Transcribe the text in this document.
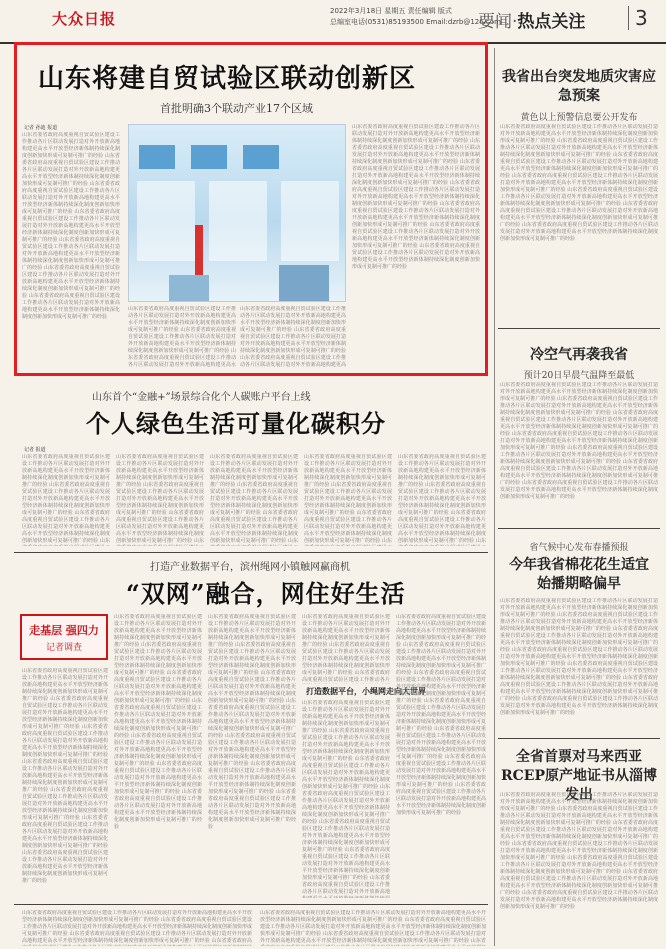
大众日报	2022年3月18日 星期五 责任编辑 版式
总编室电话(0531)85193500 Email:dzrb@126.com
要闻·热点关注	3
山东将建自贸试验区联动创新区
首批明确3个联动产业17个区域
记者 孙迪 报道
山东省委省政府高度重视自贸试验区建设工作推动各片区联动发展打造对外开放新高地构建更高水平开放型经济新体制持续深化制度创新加快形成可复制可推广的经验 山东省委省政府高度重视自贸试验区建设工作推动各片区联动发展打造对外开放新高地构建更高水平开放型经济新体制持续深化制度创新加快形成可复制可推广的经验 山东省委省政府高度重视自贸试验区建设工作推动各片区联动发展打造对外开放新高地构建更高水平开放型经济新体制持续深化制度创新加快形成可复制可推广的经验 山东省委省政府高度重视自贸试验区建设工作推动各片区联动发展打造对外开放新高地构建更高水平开放型经济新体制持续深化制度创新加快形成可复制可推广的经验 山东省委省政府高度重视自贸试验区建设工作推动各片区联动发展打造对外开放新高地构建更高水平开放型经济新体制持续深化制度创新加快形成可复制可推广的经验 山东省委省政府高度重视自贸试验区建设工作推动各片区联动发展打造对外开放新高地构建更高水平开放型经济新体制持续深化制度创新加快形成可复制可推广的经验 山东省委省政府高度重视自贸试验区建设工作推动各片区联动发展打造对外开放新高地构建更高水平开放型经济新体制持续深化制度创新加快形成可复制可推广的经验
山东省委省政府高度重视自贸试验区建设工作推动各片区联动发展打造对外开放新高地构建更高水平开放型经济新体制持续深化制度创新加快形成可复制可推广的经验 山东省委省政府高度重视自贸试验区建设工作推动各片区联动发展打造对外开放新高地构建更高水平开放型经济新体制持续深化制度创新加快形成可复制可推广的经验 山东省委省政府高度重视自贸试验区建设工作推动各片区联动发展打造对外开放新高地构建更高水平开放型经济新体制持续深化制度创新加快形成可复制可推广的经验 山东省委省政府高度重视自贸试验区建设工作推动各片区联动发展打造对外开放新高地构建更高水平开放型经济新体制持续深化制度创新加快形成可复制可推广的经验 山东省委省政府高度重视自贸试验区建设工作推动各片区联动发展打造对外开放新高地构建更高水平开放型经济新体制持续深化制度创新加快形成可复制可推广的经验 山东省委省政府高度重视自贸试验区建设工作推动各片区联动发展打造对外开放新高地构建更高水平开放型经济新体制持续深化制度创新加快形成可复制可推广的经验 山东省委省政府高度重视自贸试验区建设工作推动各片区联动发展打造对外开放新高地构建更高水平开放型经济新体制持续深化制度创新加快形成可复制可推广的经验
山东省委省政府高度重视自贸试验区建设工作推动各片区联动发展打造对外开放新高地构建更高水平开放型经济新体制持续深化制度创新加快形成可复制可推广的经验 山东省委省政府高度重视自贸试验区建设工作推动各片区联动发展打造对外开放新高地构建更高水平开放型经济新体制持续深化制度创新加快形成可复制可推广的经验 山东省委省政府高度重视自贸试验区建设工作推动各片区联动发展打造对外开放新高地构建更高水平开放型经济新体制持续深化制度创新加快形成可复制可推广的经验 山东省委省政府高度重视自贸试验区建设工作推动各片区联动发展打造对外开放新高地构建更高水平开放型经济新体制持续深化制度创新加快形成可复制可推广的经验 山东省委省政府高度重视自贸试验区建设工作推动各片区联动发展打造对外开放新高地构建更高水平开放型经济新体制持续深化制度创新加快形成可复制可推广的经验 山东省委省政府高度重视自贸试验区建设工作推动各片区联动发展打造对外开放新高地构建更高水平开放型经济新体制持续深化制度创新加快形成可复制可推广的经验 山东省委省政府高度重视自贸试验区建设工作推动各片区联动发展打造对外开放新高地构建更高水平开放型经济新体制持续深化制度创新加快形成可复制可推广的经验
山东省委省政府高度重视自贸试验区建设工作推动各片区联动发展打造对外开放新高地构建更高水平开放型经济新体制持续深化制度创新加快形成可复制可推广的经验 山东省委省政府高度重视自贸试验区建设工作推动各片区联动发展打造对外开放新高地构建更高水平开放型经济新体制持续深化制度创新加快形成可复制可推广的经验 山东省委省政府高度重视自贸试验区建设工作推动各片区联动发展打造对外开放新高地构建更高水平开放型经济新体制持续深化制度创新加快形成可复制可推广的经验 山东省委省政府高度重视自贸试验区建设工作推动各片区联动发展打造对外开放新高地构建更高水平开放型经济新体制持续深化制度创新加快形成可复制可推广的经验 山东省委省政府高度重视自贸试验区建设工作推动各片区联动发展打造对外开放新高地构建更高水平开放型经济新体制持续深化制度创新加快形成可复制可推广的经验 山东省委省政府高度重视自贸试验区建设工作推动各片区联动发展打造对外开放新高地构建更高水平开放型经济新体制持续深化制度创新加快形成可复制可推广的经验 山东省委省政府高度重视自贸试验区建设工作推动各片区联动发展打造对外开放新高地构建更高水平开放型经济新体制持续深化制度创新加快形成可复制可推广的经验
山东首个“金融+”场景综合化个人碳账户平台上线
个人绿色生活可量化碳积分
记者 报道
山东省委省政府高度重视自贸试验区建设工作推动各片区联动发展打造对外开放新高地构建更高水平开放型经济新体制持续深化制度创新加快形成可复制可推广的经验 山东省委省政府高度重视自贸试验区建设工作推动各片区联动发展打造对外开放新高地构建更高水平开放型经济新体制持续深化制度创新加快形成可复制可推广的经验 山东省委省政府高度重视自贸试验区建设工作推动各片区联动发展打造对外开放新高地构建更高水平开放型经济新体制持续深化制度创新加快形成可复制可推广的经验 山东省委省政府高度重视自贸试验区建设工作推动各片区联动发展打造对外开放新高地构建更高水平开放型经济新体制持续深化制度创新加快形成可复制可推广的经验 山东省委省政府高度重视自贸试验区建设工作推动各片区联动发展打造对外开放新高地构建更高水平开放型经济新体制持续深化制度创新加快形成可复制可推广的经验 山东省委省政府高度重视自贸试验区建设工作推动各片区联动发展打造对外开放新高地构建更高水平开放型经济新体制持续深化制度创新加快形成可复制可推广的经验 山东省委省政府高度重视自贸试验区建设工作推动各片区联动发展打造对外开放新高地构建更高水平开放型经济新体制持续深化制度创新加快形成可复制可推广的经验
山东省委省政府高度重视自贸试验区建设工作推动各片区联动发展打造对外开放新高地构建更高水平开放型经济新体制持续深化制度创新加快形成可复制可推广的经验 山东省委省政府高度重视自贸试验区建设工作推动各片区联动发展打造对外开放新高地构建更高水平开放型经济新体制持续深化制度创新加快形成可复制可推广的经验 山东省委省政府高度重视自贸试验区建设工作推动各片区联动发展打造对外开放新高地构建更高水平开放型经济新体制持续深化制度创新加快形成可复制可推广的经验 山东省委省政府高度重视自贸试验区建设工作推动各片区联动发展打造对外开放新高地构建更高水平开放型经济新体制持续深化制度创新加快形成可复制可推广的经验 山东省委省政府高度重视自贸试验区建设工作推动各片区联动发展打造对外开放新高地构建更高水平开放型经济新体制持续深化制度创新加快形成可复制可推广的经验 山东省委省政府高度重视自贸试验区建设工作推动各片区联动发展打造对外开放新高地构建更高水平开放型经济新体制持续深化制度创新加快形成可复制可推广的经验 山东省委省政府高度重视自贸试验区建设工作推动各片区联动发展打造对外开放新高地构建更高水平开放型经济新体制持续深化制度创新加快形成可复制可推广的经验
山东省委省政府高度重视自贸试验区建设工作推动各片区联动发展打造对外开放新高地构建更高水平开放型经济新体制持续深化制度创新加快形成可复制可推广的经验 山东省委省政府高度重视自贸试验区建设工作推动各片区联动发展打造对外开放新高地构建更高水平开放型经济新体制持续深化制度创新加快形成可复制可推广的经验 山东省委省政府高度重视自贸试验区建设工作推动各片区联动发展打造对外开放新高地构建更高水平开放型经济新体制持续深化制度创新加快形成可复制可推广的经验 山东省委省政府高度重视自贸试验区建设工作推动各片区联动发展打造对外开放新高地构建更高水平开放型经济新体制持续深化制度创新加快形成可复制可推广的经验 山东省委省政府高度重视自贸试验区建设工作推动各片区联动发展打造对外开放新高地构建更高水平开放型经济新体制持续深化制度创新加快形成可复制可推广的经验 山东省委省政府高度重视自贸试验区建设工作推动各片区联动发展打造对外开放新高地构建更高水平开放型经济新体制持续深化制度创新加快形成可复制可推广的经验 山东省委省政府高度重视自贸试验区建设工作推动各片区联动发展打造对外开放新高地构建更高水平开放型经济新体制持续深化制度创新加快形成可复制可推广的经验
山东省委省政府高度重视自贸试验区建设工作推动各片区联动发展打造对外开放新高地构建更高水平开放型经济新体制持续深化制度创新加快形成可复制可推广的经验 山东省委省政府高度重视自贸试验区建设工作推动各片区联动发展打造对外开放新高地构建更高水平开放型经济新体制持续深化制度创新加快形成可复制可推广的经验 山东省委省政府高度重视自贸试验区建设工作推动各片区联动发展打造对外开放新高地构建更高水平开放型经济新体制持续深化制度创新加快形成可复制可推广的经验 山东省委省政府高度重视自贸试验区建设工作推动各片区联动发展打造对外开放新高地构建更高水平开放型经济新体制持续深化制度创新加快形成可复制可推广的经验 山东省委省政府高度重视自贸试验区建设工作推动各片区联动发展打造对外开放新高地构建更高水平开放型经济新体制持续深化制度创新加快形成可复制可推广的经验 山东省委省政府高度重视自贸试验区建设工作推动各片区联动发展打造对外开放新高地构建更高水平开放型经济新体制持续深化制度创新加快形成可复制可推广的经验 山东省委省政府高度重视自贸试验区建设工作推动各片区联动发展打造对外开放新高地构建更高水平开放型经济新体制持续深化制度创新加快形成可复制可推广的经验
山东省委省政府高度重视自贸试验区建设工作推动各片区联动发展打造对外开放新高地构建更高水平开放型经济新体制持续深化制度创新加快形成可复制可推广的经验 山东省委省政府高度重视自贸试验区建设工作推动各片区联动发展打造对外开放新高地构建更高水平开放型经济新体制持续深化制度创新加快形成可复制可推广的经验 山东省委省政府高度重视自贸试验区建设工作推动各片区联动发展打造对外开放新高地构建更高水平开放型经济新体制持续深化制度创新加快形成可复制可推广的经验 山东省委省政府高度重视自贸试验区建设工作推动各片区联动发展打造对外开放新高地构建更高水平开放型经济新体制持续深化制度创新加快形成可复制可推广的经验 山东省委省政府高度重视自贸试验区建设工作推动各片区联动发展打造对外开放新高地构建更高水平开放型经济新体制持续深化制度创新加快形成可复制可推广的经验 山东省委省政府高度重视自贸试验区建设工作推动各片区联动发展打造对外开放新高地构建更高水平开放型经济新体制持续深化制度创新加快形成可复制可推广的经验 山东省委省政府高度重视自贸试验区建设工作推动各片区联动发展打造对外开放新高地构建更高水平开放型经济新体制持续深化制度创新加快形成可复制可推广的经验
打造产业数据平台，滨州绳网小镇触网赢商机
“双网”融合，网住好生活
走基层 强四力
记者调查
山东省委省政府高度重视自贸试验区建设工作推动各片区联动发展打造对外开放新高地构建更高水平开放型经济新体制持续深化制度创新加快形成可复制可推广的经验 山东省委省政府高度重视自贸试验区建设工作推动各片区联动发展打造对外开放新高地构建更高水平开放型经济新体制持续深化制度创新加快形成可复制可推广的经验 山东省委省政府高度重视自贸试验区建设工作推动各片区联动发展打造对外开放新高地构建更高水平开放型经济新体制持续深化制度创新加快形成可复制可推广的经验 山东省委省政府高度重视自贸试验区建设工作推动各片区联动发展打造对外开放新高地构建更高水平开放型经济新体制持续深化制度创新加快形成可复制可推广的经验 山东省委省政府高度重视自贸试验区建设工作推动各片区联动发展打造对外开放新高地构建更高水平开放型经济新体制持续深化制度创新加快形成可复制可推广的经验 山东省委省政府高度重视自贸试验区建设工作推动各片区联动发展打造对外开放新高地构建更高水平开放型经济新体制持续深化制度创新加快形成可复制可推广的经验 山东省委省政府高度重视自贸试验区建设工作推动各片区联动发展打造对外开放新高地构建更高水平开放型经济新体制持续深化制度创新加快形成可复制可推广的经验
山东省委省政府高度重视自贸试验区建设工作推动各片区联动发展打造对外开放新高地构建更高水平开放型经济新体制持续深化制度创新加快形成可复制可推广的经验 山东省委省政府高度重视自贸试验区建设工作推动各片区联动发展打造对外开放新高地构建更高水平开放型经济新体制持续深化制度创新加快形成可复制可推广的经验 山东省委省政府高度重视自贸试验区建设工作推动各片区联动发展打造对外开放新高地构建更高水平开放型经济新体制持续深化制度创新加快形成可复制可推广的经验 山东省委省政府高度重视自贸试验区建设工作推动各片区联动发展打造对外开放新高地构建更高水平开放型经济新体制持续深化制度创新加快形成可复制可推广的经验 山东省委省政府高度重视自贸试验区建设工作推动各片区联动发展打造对外开放新高地构建更高水平开放型经济新体制持续深化制度创新加快形成可复制可推广的经验 山东省委省政府高度重视自贸试验区建设工作推动各片区联动发展打造对外开放新高地构建更高水平开放型经济新体制持续深化制度创新加快形成可复制可推广的经验 山东省委省政府高度重视自贸试验区建设工作推动各片区联动发展打造对外开放新高地构建更高水平开放型经济新体制持续深化制度创新加快形成可复制可推广的经验
山东省委省政府高度重视自贸试验区建设工作推动各片区联动发展打造对外开放新高地构建更高水平开放型经济新体制持续深化制度创新加快形成可复制可推广的经验 山东省委省政府高度重视自贸试验区建设工作推动各片区联动发展打造对外开放新高地构建更高水平开放型经济新体制持续深化制度创新加快形成可复制可推广的经验 山东省委省政府高度重视自贸试验区建设工作推动各片区联动发展打造对外开放新高地构建更高水平开放型经济新体制持续深化制度创新加快形成可复制可推广的经验 山东省委省政府高度重视自贸试验区建设工作推动各片区联动发展打造对外开放新高地构建更高水平开放型经济新体制持续深化制度创新加快形成可复制可推广的经验 山东省委省政府高度重视自贸试验区建设工作推动各片区联动发展打造对外开放新高地构建更高水平开放型经济新体制持续深化制度创新加快形成可复制可推广的经验 山东省委省政府高度重视自贸试验区建设工作推动各片区联动发展打造对外开放新高地构建更高水平开放型经济新体制持续深化制度创新加快形成可复制可推广的经验 山东省委省政府高度重视自贸试验区建设工作推动各片区联动发展打造对外开放新高地构建更高水平开放型经济新体制持续深化制度创新加快形成可复制可推广的经验
打造数据平台，小绳网走向大世界
山东省委省政府高度重视自贸试验区建设工作推动各片区联动发展打造对外开放新高地构建更高水平开放型经济新体制持续深化制度创新加快形成可复制可推广的经验 山东省委省政府高度重视自贸试验区建设工作推动各片区联动发展打造对外开放新高地构建更高水平开放型经济新体制持续深化制度创新加快形成可复制可推广的经验 山东省委省政府高度重视自贸试验区建设工作推动各片区联动发展打造对外开放新高地构建更高水平开放型经济新体制持续深化制度创新加快形成可复制可推广的经验 山东省委省政府高度重视自贸试验区建设工作推动各片区联动发展打造对外开放新高地构建更高水平开放型经济新体制持续深化制度创新加快形成可复制可推广的经验 山东省委省政府高度重视自贸试验区建设工作推动各片区联动发展打造对外开放新高地构建更高水平开放型经济新体制持续深化制度创新加快形成可复制可推广的经验 山东省委省政府高度重视自贸试验区建设工作推动各片区联动发展打造对外开放新高地构建更高水平开放型经济新体制持续深化制度创新加快形成可复制可推广的经验 山东省委省政府高度重视自贸试验区建设工作推动各片区联动发展打造对外开放新高地构建更高水平开放型经济新体制持续深化制度创新加快形成可复制可推广的经验
山东省委省政府高度重视自贸试验区建设工作推动各片区联动发展打造对外开放新高地构建更高水平开放型经济新体制持续深化制度创新加快形成可复制可推广的经验 山东省委省政府高度重视自贸试验区建设工作推动各片区联动发展打造对外开放新高地构建更高水平开放型经济新体制持续深化制度创新加快形成可复制可推广的经验 山东省委省政府高度重视自贸试验区建设工作推动各片区联动发展打造对外开放新高地构建更高水平开放型经济新体制持续深化制度创新加快形成可复制可推广的经验 山东省委省政府高度重视自贸试验区建设工作推动各片区联动发展打造对外开放新高地构建更高水平开放型经济新体制持续深化制度创新加快形成可复制可推广的经验 山东省委省政府高度重视自贸试验区建设工作推动各片区联动发展打造对外开放新高地构建更高水平开放型经济新体制持续深化制度创新加快形成可复制可推广的经验 山东省委省政府高度重视自贸试验区建设工作推动各片区联动发展打造对外开放新高地构建更高水平开放型经济新体制持续深化制度创新加快形成可复制可推广的经验 山东省委省政府高度重视自贸试验区建设工作推动各片区联动发展打造对外开放新高地构建更高水平开放型经济新体制持续深化制度创新加快形成可复制可推广的经验
山东省委省政府高度重视自贸试验区建设工作推动各片区联动发展打造对外开放新高地构建更高水平开放型经济新体制持续深化制度创新加快形成可复制可推广的经验 山东省委省政府高度重视自贸试验区建设工作推动各片区联动发展打造对外开放新高地构建更高水平开放型经济新体制持续深化制度创新加快形成可复制可推广的经验 山东省委省政府高度重视自贸试验区建设工作推动各片区联动发展打造对外开放新高地构建更高水平开放型经济新体制持续深化制度创新加快形成可复制可推广的经验 山东省委省政府高度重视自贸试验区建设工作推动各片区联动发展打造对外开放新高地构建更高水平开放型经济新体制持续深化制度创新加快形成可复制可推广的经验 山东省委省政府高度重视自贸试验区建设工作推动各片区联动发展打造对外开放新高地构建更高水平开放型经济新体制持续深化制度创新加快形成可复制可推广的经验 山东省委省政府高度重视自贸试验区建设工作推动各片区联动发展打造对外开放新高地构建更高水平开放型经济新体制持续深化制度创新加快形成可复制可推广的经验 山东省委省政府高度重视自贸试验区建设工作推动各片区联动发展打造对外开放新高地构建更高水平开放型经济新体制持续深化制度创新加快形成可复制可推广的经验
山东省委省政府高度重视自贸试验区建设工作推动各片区联动发展打造对外开放新高地构建更高水平开放型经济新体制持续深化制度创新加快形成可复制可推广的经验 山东省委省政府高度重视自贸试验区建设工作推动各片区联动发展打造对外开放新高地构建更高水平开放型经济新体制持续深化制度创新加快形成可复制可推广的经验 山东省委省政府高度重视自贸试验区建设工作推动各片区联动发展打造对外开放新高地构建更高水平开放型经济新体制持续深化制度创新加快形成可复制可推广的经验 山东省委省政府高度重视自贸试验区建设工作推动各片区联动发展打造对外开放新高地构建更高水平开放型经济新体制持续深化制度创新加快形成可复制可推广的经验 山东省委省政府高度重视自贸试验区建设工作推动各片区联动发展打造对外开放新高地构建更高水平开放型经济新体制持续深化制度创新加快形成可复制可推广的经验 山东省委省政府高度重视自贸试验区建设工作推动各片区联动发展打造对外开放新高地构建更高水平开放型经济新体制持续深化制度创新加快形成可复制可推广的经验 山东省委省政府高度重视自贸试验区建设工作推动各片区联动发展打造对外开放新高地构建更高水平开放型经济新体制持续深化制度创新加快形成可复制可推广的经验
山东省委省政府高度重视自贸试验区建设工作推动各片区联动发展打造对外开放新高地构建更高水平开放型经济新体制持续深化制度创新加快形成可复制可推广的经验 山东省委省政府高度重视自贸试验区建设工作推动各片区联动发展打造对外开放新高地构建更高水平开放型经济新体制持续深化制度创新加快形成可复制可推广的经验 山东省委省政府高度重视自贸试验区建设工作推动各片区联动发展打造对外开放新高地构建更高水平开放型经济新体制持续深化制度创新加快形成可复制可推广的经验 山东省委省政府高度重视自贸试验区建设工作推动各片区联动发展打造对外开放新高地构建更高水平开放型经济新体制持续深化制度创新加快形成可复制可推广的经验 山东省委省政府高度重视自贸试验区建设工作推动各片区联动发展打造对外开放新高地构建更高水平开放型经济新体制持续深化制度创新加快形成可复制可推广的经验 山东省委省政府高度重视自贸试验区建设工作推动各片区联动发展打造对外开放新高地构建更高水平开放型经济新体制持续深化制度创新加快形成可复制可推广的经验 山东省委省政府高度重视自贸试验区建设工作推动各片区联动发展打造对外开放新高地构建更高水平开放型经济新体制持续深化制度创新加快形成可复制可推广的经验
我省出台突发地质灾害应急预案
黄色以上预警信息要公开发布
山东省委省政府高度重视自贸试验区建设工作推动各片区联动发展打造对外开放新高地构建更高水平开放型经济新体制持续深化制度创新加快形成可复制可推广的经验 山东省委省政府高度重视自贸试验区建设工作推动各片区联动发展打造对外开放新高地构建更高水平开放型经济新体制持续深化制度创新加快形成可复制可推广的经验 山东省委省政府高度重视自贸试验区建设工作推动各片区联动发展打造对外开放新高地构建更高水平开放型经济新体制持续深化制度创新加快形成可复制可推广的经验 山东省委省政府高度重视自贸试验区建设工作推动各片区联动发展打造对外开放新高地构建更高水平开放型经济新体制持续深化制度创新加快形成可复制可推广的经验 山东省委省政府高度重视自贸试验区建设工作推动各片区联动发展打造对外开放新高地构建更高水平开放型经济新体制持续深化制度创新加快形成可复制可推广的经验 山东省委省政府高度重视自贸试验区建设工作推动各片区联动发展打造对外开放新高地构建更高水平开放型经济新体制持续深化制度创新加快形成可复制可推广的经验 山东省委省政府高度重视自贸试验区建设工作推动各片区联动发展打造对外开放新高地构建更高水平开放型经济新体制持续深化制度创新加快形成可复制可推广的经验
冷空气再袭我省
预计20日早晨气温降至最低
山东省委省政府高度重视自贸试验区建设工作推动各片区联动发展打造对外开放新高地构建更高水平开放型经济新体制持续深化制度创新加快形成可复制可推广的经验 山东省委省政府高度重视自贸试验区建设工作推动各片区联动发展打造对外开放新高地构建更高水平开放型经济新体制持续深化制度创新加快形成可复制可推广的经验 山东省委省政府高度重视自贸试验区建设工作推动各片区联动发展打造对外开放新高地构建更高水平开放型经济新体制持续深化制度创新加快形成可复制可推广的经验 山东省委省政府高度重视自贸试验区建设工作推动各片区联动发展打造对外开放新高地构建更高水平开放型经济新体制持续深化制度创新加快形成可复制可推广的经验 山东省委省政府高度重视自贸试验区建设工作推动各片区联动发展打造对外开放新高地构建更高水平开放型经济新体制持续深化制度创新加快形成可复制可推广的经验 山东省委省政府高度重视自贸试验区建设工作推动各片区联动发展打造对外开放新高地构建更高水平开放型经济新体制持续深化制度创新加快形成可复制可推广的经验 山东省委省政府高度重视自贸试验区建设工作推动各片区联动发展打造对外开放新高地构建更高水平开放型经济新体制持续深化制度创新加快形成可复制可推广的经验
省气候中心发布春播预报
今年我省棉花花生适宜始播期略偏早
山东省委省政府高度重视自贸试验区建设工作推动各片区联动发展打造对外开放新高地构建更高水平开放型经济新体制持续深化制度创新加快形成可复制可推广的经验 山东省委省政府高度重视自贸试验区建设工作推动各片区联动发展打造对外开放新高地构建更高水平开放型经济新体制持续深化制度创新加快形成可复制可推广的经验 山东省委省政府高度重视自贸试验区建设工作推动各片区联动发展打造对外开放新高地构建更高水平开放型经济新体制持续深化制度创新加快形成可复制可推广的经验 山东省委省政府高度重视自贸试验区建设工作推动各片区联动发展打造对外开放新高地构建更高水平开放型经济新体制持续深化制度创新加快形成可复制可推广的经验 山东省委省政府高度重视自贸试验区建设工作推动各片区联动发展打造对外开放新高地构建更高水平开放型经济新体制持续深化制度创新加快形成可复制可推广的经验 山东省委省政府高度重视自贸试验区建设工作推动各片区联动发展打造对外开放新高地构建更高水平开放型经济新体制持续深化制度创新加快形成可复制可推广的经验 山东省委省政府高度重视自贸试验区建设工作推动各片区联动发展打造对外开放新高地构建更高水平开放型经济新体制持续深化制度创新加快形成可复制可推广的经验
全省首票对马来西亚RCEP原产地证书从淄博发出
山东省委省政府高度重视自贸试验区建设工作推动各片区联动发展打造对外开放新高地构建更高水平开放型经济新体制持续深化制度创新加快形成可复制可推广的经验 山东省委省政府高度重视自贸试验区建设工作推动各片区联动发展打造对外开放新高地构建更高水平开放型经济新体制持续深化制度创新加快形成可复制可推广的经验 山东省委省政府高度重视自贸试验区建设工作推动各片区联动发展打造对外开放新高地构建更高水平开放型经济新体制持续深化制度创新加快形成可复制可推广的经验 山东省委省政府高度重视自贸试验区建设工作推动各片区联动发展打造对外开放新高地构建更高水平开放型经济新体制持续深化制度创新加快形成可复制可推广的经验 山东省委省政府高度重视自贸试验区建设工作推动各片区联动发展打造对外开放新高地构建更高水平开放型经济新体制持续深化制度创新加快形成可复制可推广的经验 山东省委省政府高度重视自贸试验区建设工作推动各片区联动发展打造对外开放新高地构建更高水平开放型经济新体制持续深化制度创新加快形成可复制可推广的经验 山东省委省政府高度重视自贸试验区建设工作推动各片区联动发展打造对外开放新高地构建更高水平开放型经济新体制持续深化制度创新加快形成可复制可推广的经验
